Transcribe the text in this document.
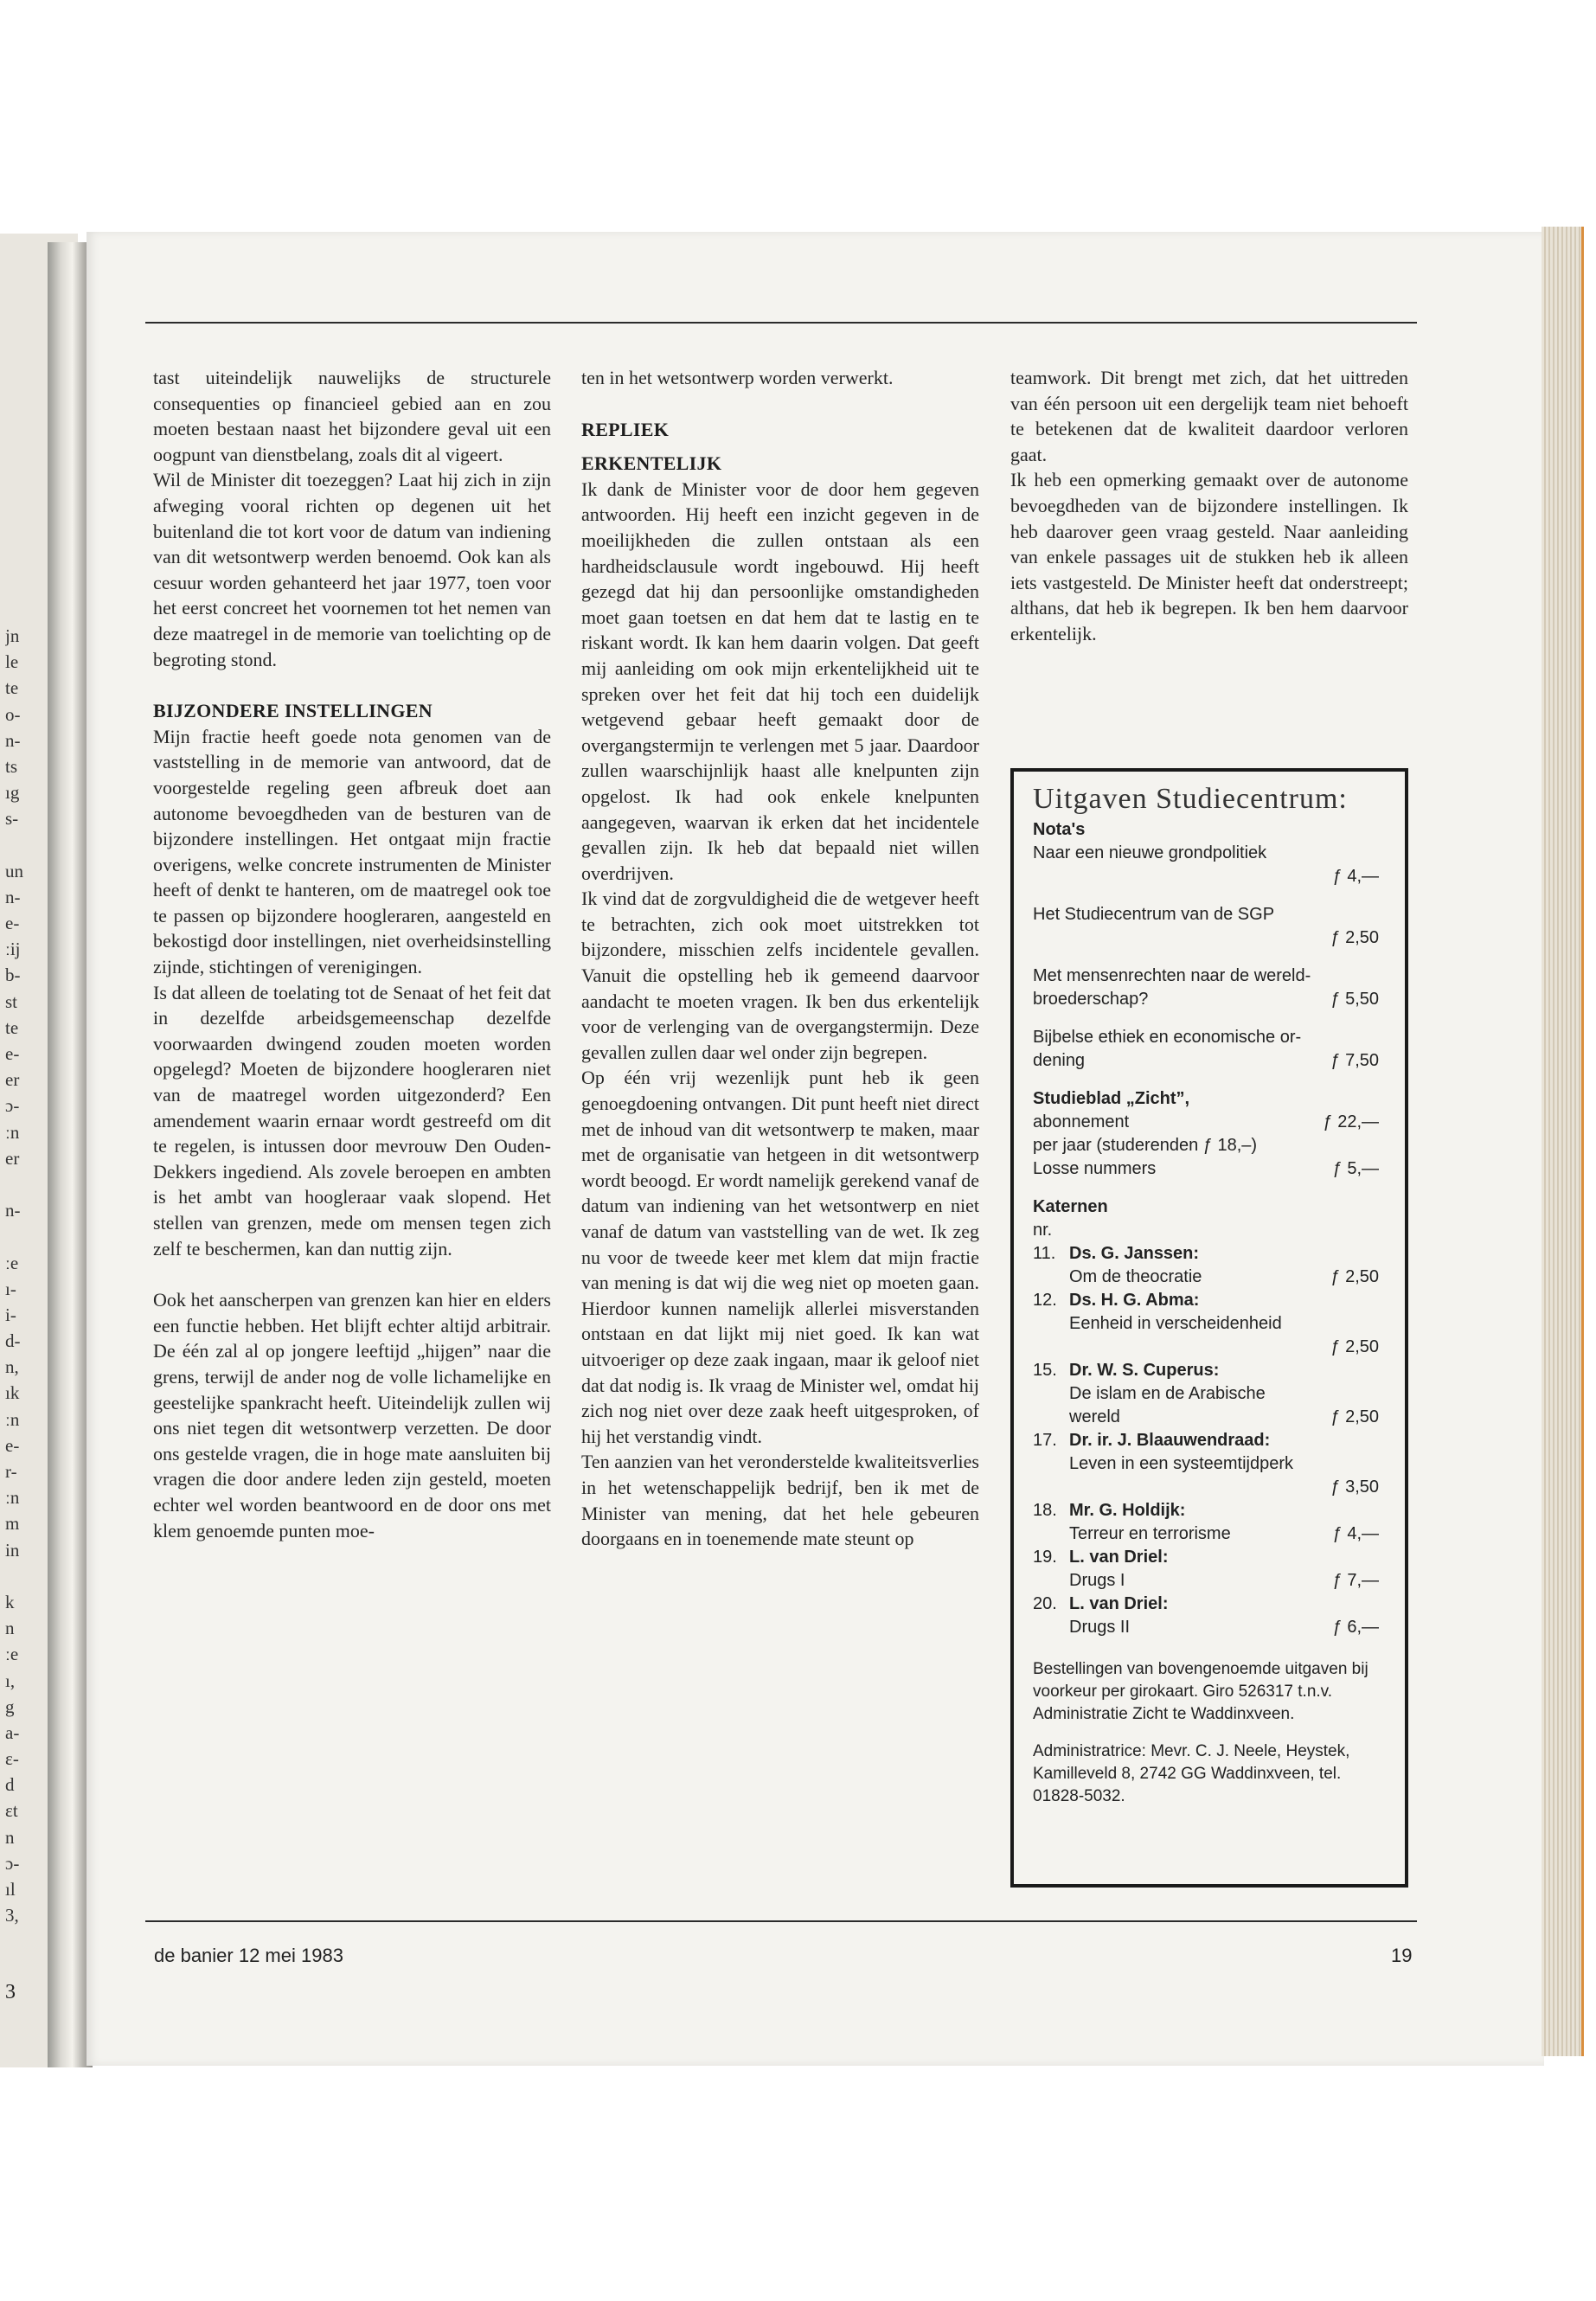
jn
le
te
o-
n-
ts
ıg
s-
un
n-
e-
ːij
b-
st
te
e-
er
ɔ-
ːn
er
n-
ːe
ı-
i-
d-
n,
ık
ːn
e-
r-
ːn
m
in
k
n
ːe
ı,
g
a-
ɛ-
d
ɛt
n
ɔ-
ıl
3,
3

tast uiteindelijk nauwelijks de structurele consequenties op financieel gebied aan en zou moeten bestaan naast het bijzondere geval uit een oogpunt van dienstbelang, zoals dit al vigeert.

Wil de Minister dit toezeggen? Laat hij zich in zijn afweging vooral richten op degenen uit het buitenland die tot kort voor de datum van indiening van dit wetsontwerp werden benoemd. Ook kan als cesuur worden gehanteerd het jaar 1977, toen voor het eerst concreet het voornemen tot het nemen van deze maatregel in de memorie van toelichting op de begroting stond.

BIJZONDERE INSTELLINGEN

Mijn fractie heeft goede nota genomen van de vaststelling in de memorie van antwoord, dat de voorgestelde regeling geen afbreuk doet aan autonome bevoegdheden van de besturen van de bijzondere instellingen. Het ontgaat mijn fractie overigens, welke concrete instrumenten de Minister heeft of denkt te hanteren, om de maatregel ook toe te passen op bijzondere hoogleraren, aangesteld en bekostigd door instellingen, niet overheidsinstelling zijnde, stichtingen of verenigingen.

Is dat alleen de toelating tot de Senaat of het feit dat in dezelfde arbeidsgemeenschap dezelfde voorwaarden dwingend zouden moeten worden opgelegd? Moeten de bijzondere hoogleraren niet van de maatregel worden uitgezonderd? Een amendement waarin ernaar wordt gestreefd om dit te regelen, is intussen door mevrouw Den Ouden-Dekkers ingediend. Als zovele beroepen en ambten is het ambt van hoogleraar vaak slopend. Het stellen van grenzen, mede om mensen tegen zich zelf te beschermen, kan dan nuttig zijn.

Ook het aanscherpen van grenzen kan hier en elders een functie hebben. Het blijft echter altijd arbitrair. De één zal al op jongere leeftijd „hijgen” naar die grens, terwijl de ander nog de volle lichamelijke en geestelijke spankracht heeft. Uiteindelijk zullen wij ons niet tegen dit wetsontwerp verzetten. De door ons gestelde vragen, die in hoge mate aansluiten bij vragen die door andere leden zijn gesteld, moeten echter wel worden beantwoord en de door ons met klem genoemde punten moe-

ten in het wetsontwerp worden verwerkt.

REPLIEK
ERKENTELIJK

Ik dank de Minister voor de door hem gegeven antwoorden. Hij heeft een inzicht gegeven in de moeilijkheden die zullen ontstaan als een hardheidsclausule wordt ingebouwd. Hij heeft gezegd dat hij dan persoonlijke omstandigheden moet gaan toetsen en dat hem dat te lastig en te riskant wordt. Ik kan hem daarin volgen. Dat geeft mij aanleiding om ook mijn erkentelijkheid uit te spreken over het feit dat hij toch een duidelijk wetgevend gebaar heeft gemaakt door de overgangstermijn te verlengen met 5 jaar. Daardoor zullen waarschijnlijk haast alle knelpunten zijn opgelost. Ik had ook enkele knelpunten aangegeven, waarvan ik erken dat het incidentele gevallen zijn. Ik heb dat bepaald niet willen overdrijven.

Ik vind dat de zorgvuldigheid die de wetgever heeft te betrachten, zich ook moet uitstrekken tot bijzondere, misschien zelfs incidentele gevallen. Vanuit die opstelling heb ik gemeend daarvoor aandacht te moeten vragen. Ik ben dus erkentelijk voor de verlenging van de overgangstermijn. Deze gevallen zullen daar wel onder zijn begrepen.

Op één vrij wezenlijk punt heb ik geen genoegdoening ontvangen. Dit punt heeft niet direct met de inhoud van dit wetsontwerp te maken, maar met de organisatie van hetgeen in dit wetsontwerp wordt beoogd. Er wordt namelijk gerekend vanaf de datum van indiening van het wetsontwerp en niet vanaf de datum van vaststelling van de wet. Ik zeg nu voor de tweede keer met klem dat mijn fractie van mening is dat wij die weg niet op moeten gaan. Hierdoor kunnen namelijk allerlei misverstanden ontstaan en dat lijkt mij niet goed. Ik kan wat uitvoeriger op deze zaak ingaan, maar ik geloof niet dat dat nodig is. Ik vraag de Minister wel, omdat hij zich nog niet over deze zaak heeft uitgesproken, of hij het verstandig vindt.

Ten aanzien van het veronderstelde kwaliteitsverlies in het wetenschappelijk bedrijf, ben ik met de Minister van mening, dat het hele gebeuren doorgaans en in toenemende mate steunt op

teamwork. Dit brengt met zich, dat het uittreden van één persoon uit een dergelijk team niet behoeft te betekenen dat de kwaliteit daardoor verloren gaat.

Ik heb een opmerking gemaakt over de autonome bevoegdheden van de bijzondere instellingen. Ik heb daarover geen vraag gesteld. Naar aanleiding van enkele passages uit de stukken heb ik alleen iets vastgesteld. De Minister heeft dat onderstreept; althans, dat heb ik begrepen. Ik ben hem daarvoor erkentelijk.

Uitgaven Studiecentrum:
Nota's
Naar een nieuwe grondpolitiek
ƒ 4,—
Het Studiecentrum van de SGP
ƒ 2,50
Met mensenrechten naar de wereld-
broederschap?	ƒ 5,50
Bijbelse ethiek en economische or-
dening	ƒ 7,50
Studieblad „Zicht”,
abonnement	ƒ 22,—
per jaar (studerenden ƒ 18,–)
Losse nummers	ƒ 5,—
Katernen
nr.
11. Ds. G. Janssen:
Om de theocratie	ƒ 2,50
12. Ds. H. G. Abma:
Eenheid in verscheidenheid
ƒ 2,50
15. Dr. W. S. Cuperus:
De islam en de Arabische
wereld	ƒ 2,50
17. Dr. ir. J. Blaauwendraad:
Leven in een systeemtijdperk
ƒ 3,50
18. Mr. G. Holdijk:
Terreur en terrorisme	ƒ 4,—
19. L. van Driel:
Drugs I	ƒ 7,—
20. L. van Driel:
Drugs II	ƒ 6,—
Bestellingen van bovengenoemde uitgaven bij voorkeur per girokaart. Giro 526317 t.n.v. Administratie Zicht te Waddinxveen.
Administratrice: Mevr. C. J. Neele, Heystek, Kamilleveld 8, 2742 GG Waddinxveen, tel. 01828-5032.
de banier 12 mei 1983	19
